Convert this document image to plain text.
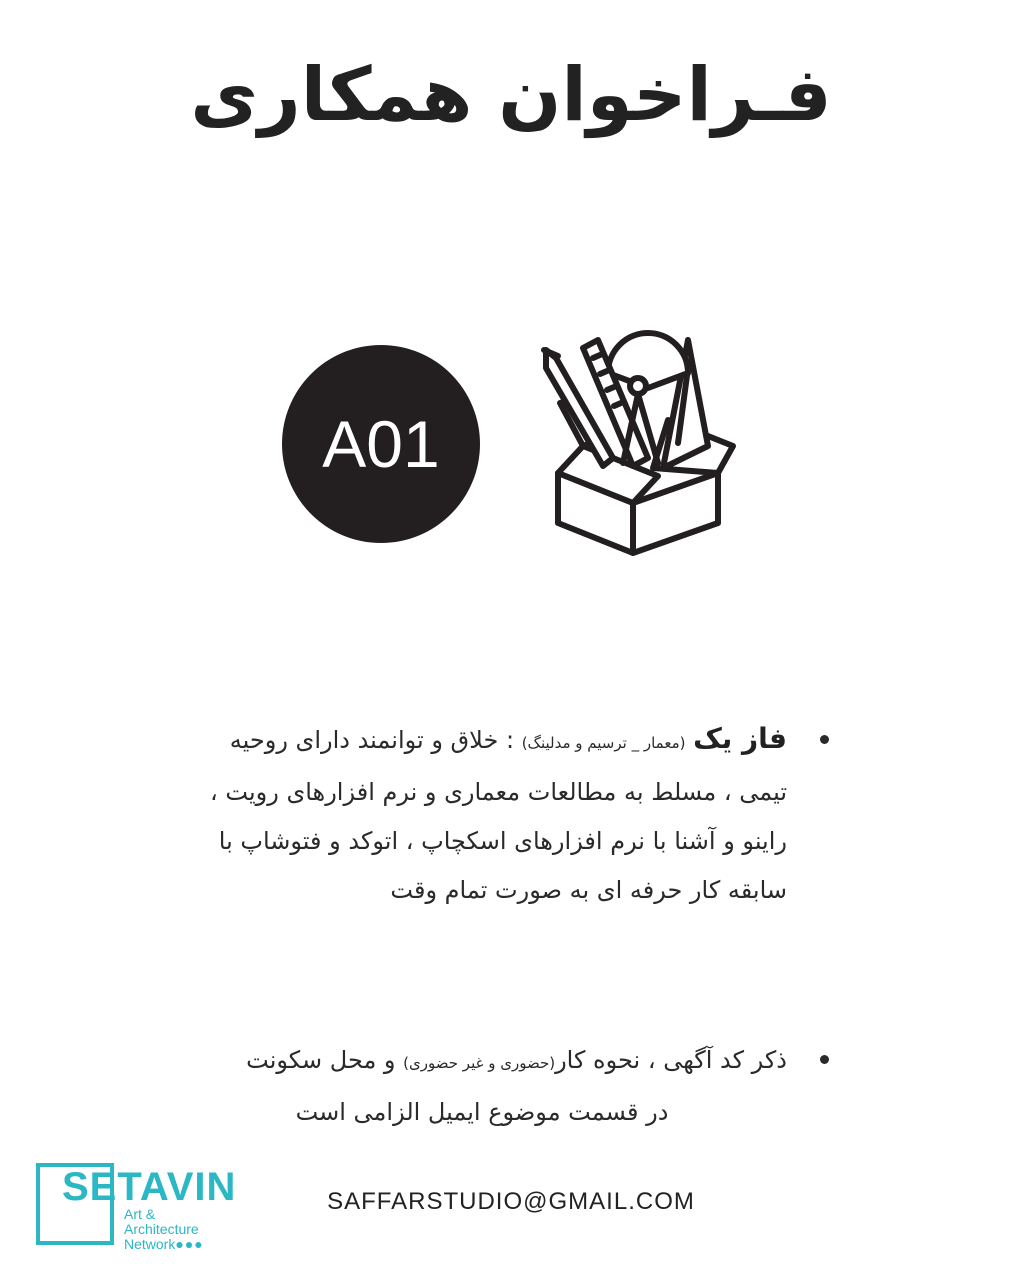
فـراخوان همکاری
A01
فاز یک (معمار _ ترسیم و مدلینگ) : خلاق و توانمند دارای روحیه تیمی ، مسلط به مطالعات معماری و نرم افزارهای رویت ، راینو و آشنا با نرم افزارهای اسکچاپ ، اتوکد و فتوشاپ با سابقه کار حرفه ای به صورت تمام وقت
ذکر کد آگهی ، نحوه کار(حضوری و غیر حضوری) و محل سکونت
در قسمت موضوع ایمیل الزامی است
SAFFARSTUDIO@GMAIL.COM
SETAVIN
Art &
Architecture
Network●●●
